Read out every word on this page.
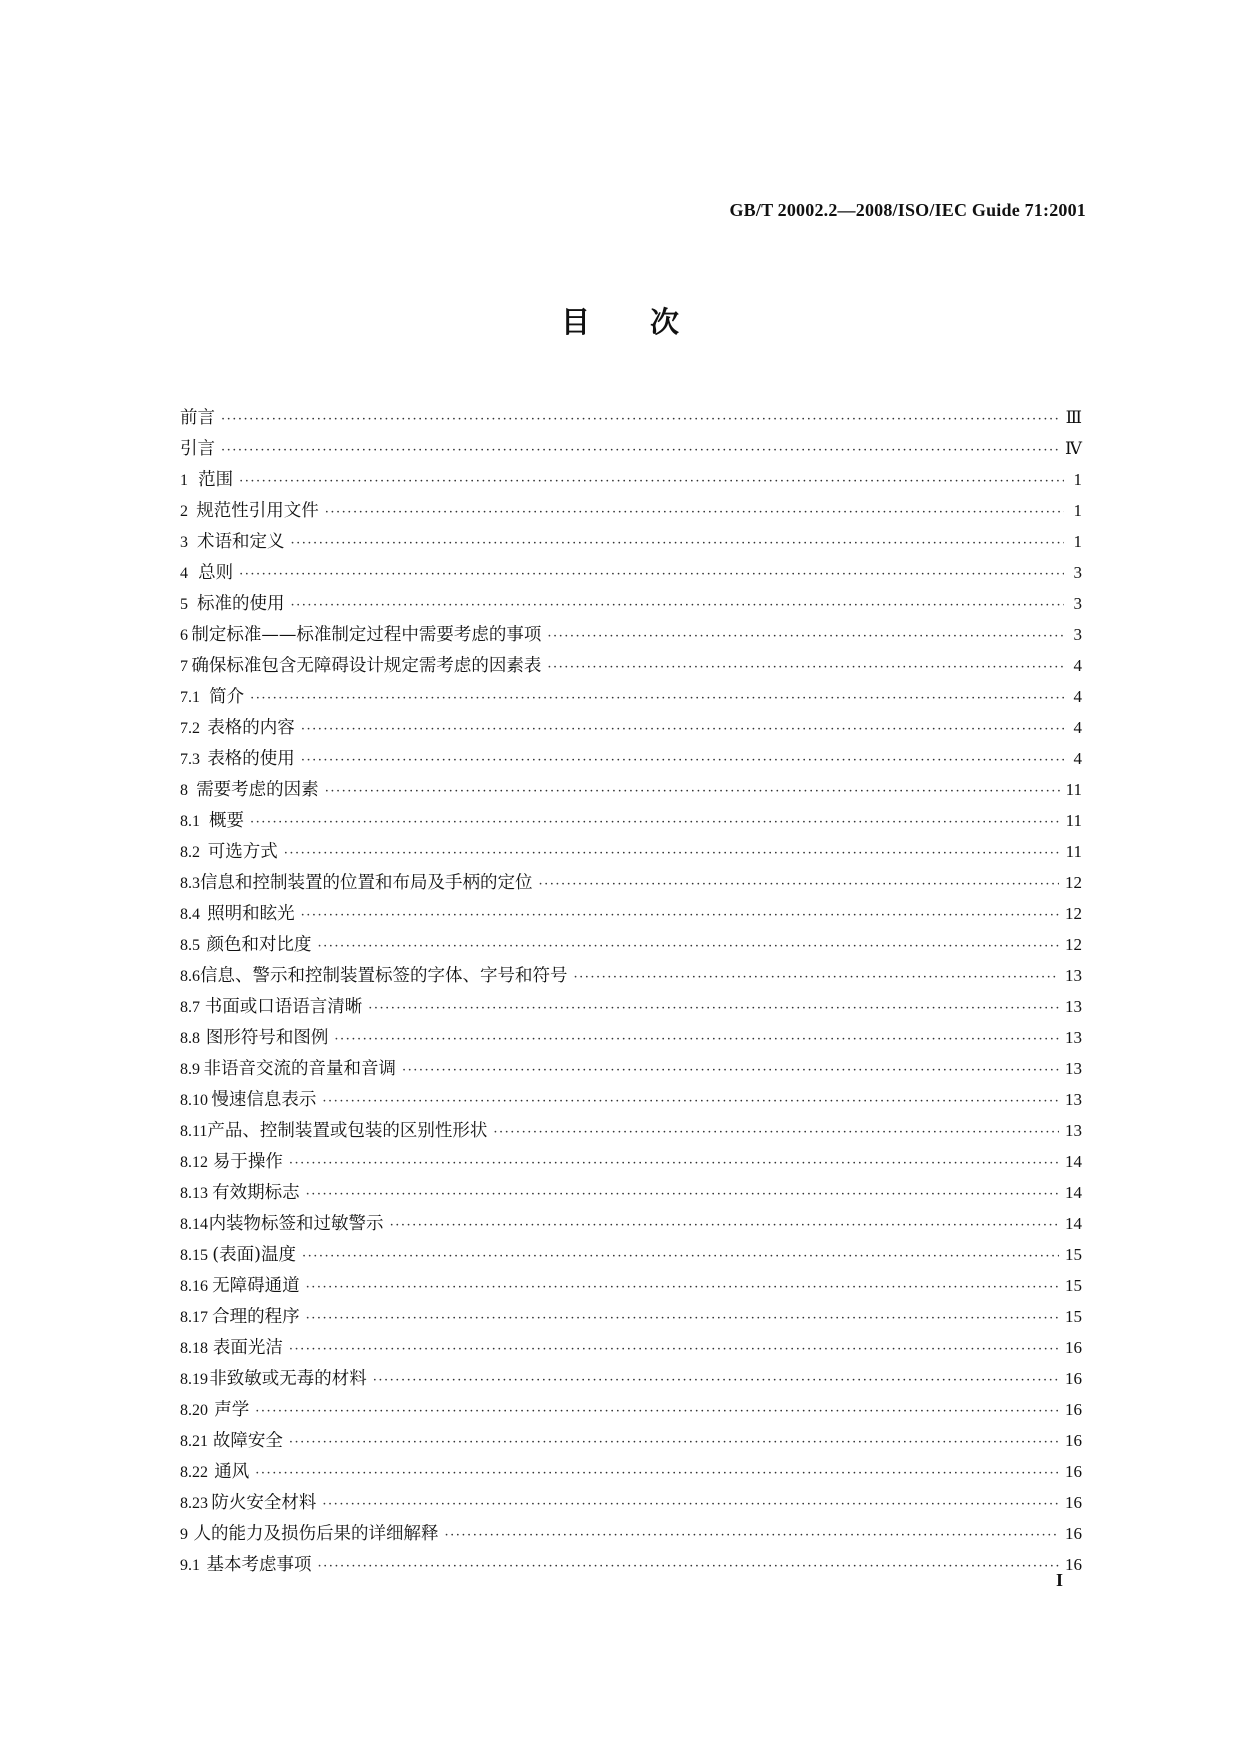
GB/T 20002.2—2008/ISO/IEC Guide 71:2001
目次
前言 ·····	Ⅲ
引言 ·····	Ⅳ
1 范围 ·····	1
2 规范性引用文件 ·····	1
3 术语和定义 ·····	1
4 总则 ·····	3
5 标准的使用 ·····	3
6 制定标准——标准制定过程中需要考虑的事项 ·····	3
7 确保标准包含无障碍设计规定需考虑的因素表 ·····	4
7.1 简介 ·····	4
7.2 表格的内容 ·····	4
7.3 表格的使用 ·····	4
8 需要考虑的因素 ·····	11
8.1 概要 ·····	11
8.2 可选方式 ·····	11
8.3 信息和控制装置的位置和布局及手柄的定位 ·····	12
8.4 照明和眩光 ·····	12
8.5 颜色和对比度 ·····	12
8.6 信息、警示和控制装置标签的字体、字号和符号 ·····	13
8.7 书面或口语语言清晰 ·····	13
8.8 图形符号和图例 ·····	13
8.9 非语音交流的音量和音调 ·····	13
8.10 慢速信息表示 ·····	13
8.11 产品、控制装置或包装的区别性形状 ·····	13
8.12 易于操作 ·····	14
8.13 有效期标志 ·····	14
8.14 内装物标签和过敏警示 ·····	14
8.15 (表面)温度 ·····	15
8.16 无障碍通道 ·····	15
8.17 合理的程序 ·····	15
8.18 表面光洁 ·····	16
8.19 非致敏或无毒的材料 ·····	16
8.20 声学 ·····	16
8.21 故障安全 ·····	16
8.22 通风 ·····	16
8.23 防火安全材料 ·····	16
9 人的能力及损伤后果的详细解释 ·····	16
9.1 基本考虑事项 ·····	16
I
